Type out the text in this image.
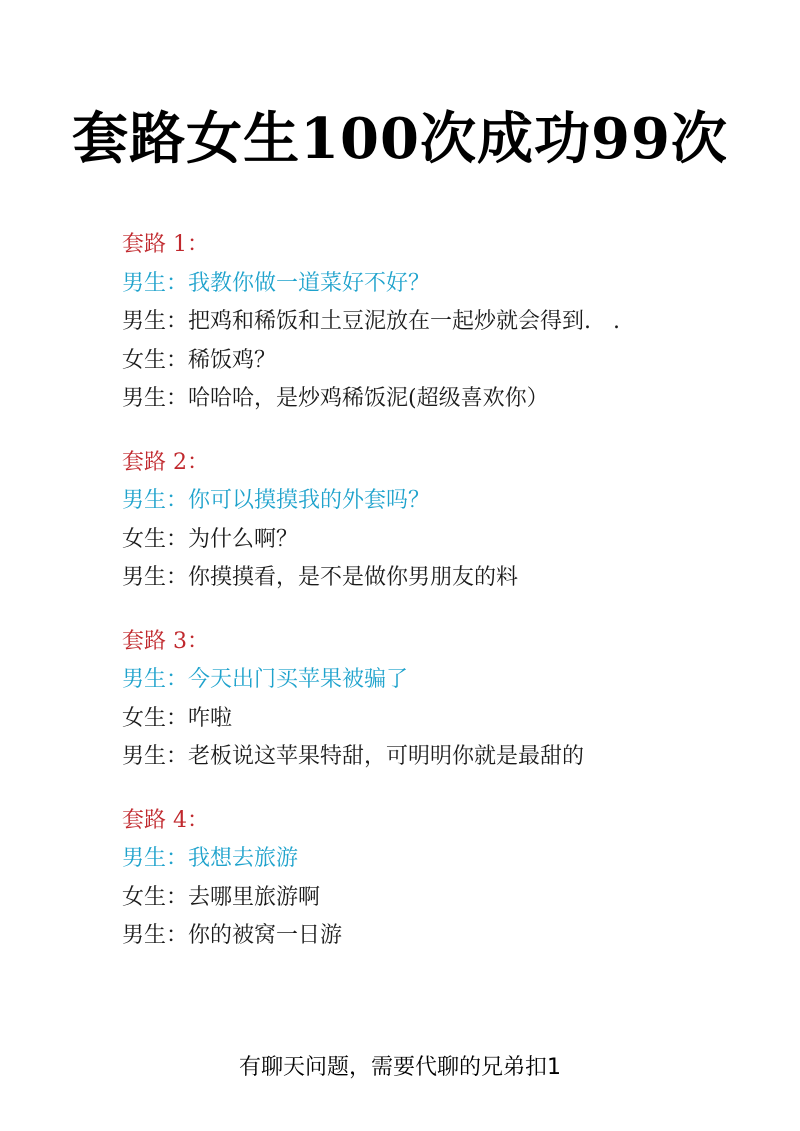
套路女生100次成功99次
套路 1：
男生：我教你做一道菜好不好？
男生：把鸡和稀饭和土豆泥放在一起炒就会得到.　.
女生：稀饭鸡？
男生：哈哈哈，是炒鸡稀饭泥(超级喜欢你）
套路 2：
男生：你可以摸摸我的外套吗？
女生：为什么啊？
男生：你摸摸看，是不是做你男朋友的料
套路 3：
男生：今天出门买苹果被骗了
女生：咋啦
男生：老板说这苹果特甜，可明明你就是最甜的
套路 4：
男生：我想去旅游
女生：去哪里旅游啊
男生：你的被窝一日游
有聊天问题，需要代聊的兄弟扣1
